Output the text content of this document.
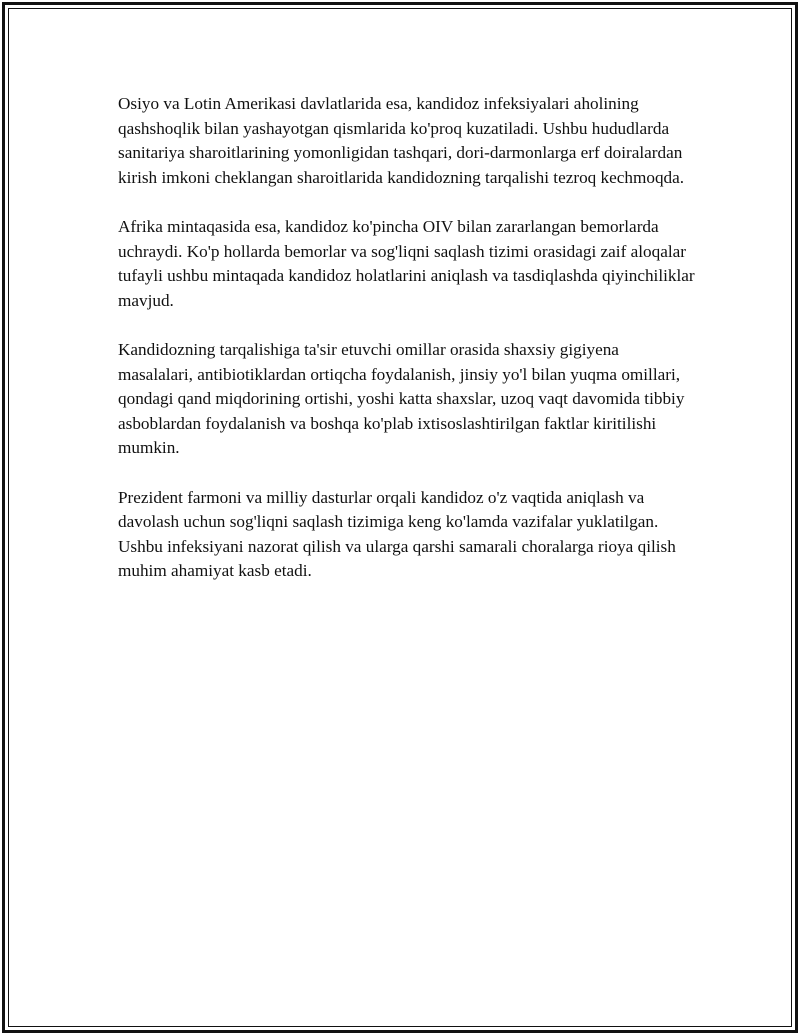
Osiyo va Lotin Amerikasi davlatlarida esa, kandidoz infeksiyalari aholining qashshoqlik bilan yashayotgan qismlarida ko'proq kuzatiladi. Ushbu hududlarda sanitariya sharoitlarining yomonligidan tashqari, dori-darmonlarga erf doiralardan kirish imkoni cheklangan sharoitlarida kandidozning tarqalishi tezroq kechmoqda.

Afrika mintaqasida esa, kandidoz ko'pincha OIV bilan zararlangan bemorlarda uchraydi. Ko'p hollarda bemorlar va sog'liqni saqlash tizimi orasidagi zaif aloqalar tufayli ushbu mintaqada kandidoz holatlarini aniqlash va tasdiqlashda qiyinchiliklar mavjud.

Kandidozning tarqalishiga ta'sir etuvchi omillar orasida shaxsiy gigiyena masalalari, antibiotiklardan ortiqcha foydalanish, jinsiy yo'l bilan yuqma omillari, qondagi qand miqdorining ortishi, yoshi katta shaxslar, uzoq vaqt davomida tibbiy asboblardan foydalanish va boshqa ko'plab ixtisoslashtirilgan faktlar kiritilishi mumkin.

Prezident farmoni va milliy dasturlar orqali kandidoz o'z vaqtida aniqlash va davolash uchun sog'liqni saqlash tizimiga keng ko'lamda vazifalar yuklatilgan. Ushbu infeksiyani nazorat qilish va ularga qarshi samarali choralarga rioya qilish muhim ahamiyat kasb etadi.
